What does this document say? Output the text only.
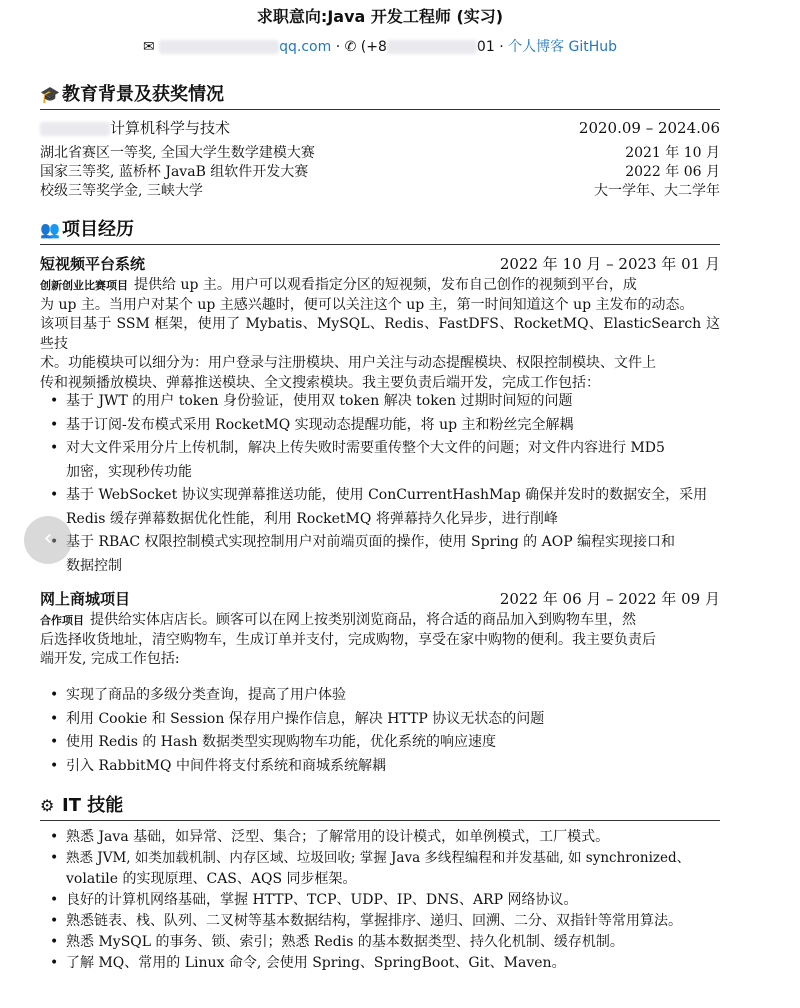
求职意向:Java 开发工程师 (实习)
✉	qq.com · ✆ (+8	01 · 个人博客 GitHub
🎓 教育背景及获奖情况
计算机科学与技术	2020.09 – 2024.06
湖北省赛区一等奖, 全国大学生数学建模大赛	2021 年 10 月
国家三等奖, 蓝桥杯 JavaB 组软件开发大赛	2022 年 06 月
校级三等奖学金, 三峡大学	大一学年、大二学年
👥 项目经历
短视频平台系统	2022 年 10 月 – 2023 年 01 月
创新创业比赛项目 提供给 up 主。用户可以观看指定分区的短视频，发布自己创作的视频到平台，成
为 up 主。当用户对某个 up 主感兴趣时，便可以关注这个 up 主，第一时间知道这个 up 主发布的动态。
该项目基于 SSM 框架，使用了 Mybatis、MySQL、Redis、FastDFS、RocketMQ、ElasticSearch 这些技
术。功能模块可以细分为：用户登录与注册模块、用户关注与动态提醒模块、权限控制模块、文件上
传和视频播放模块、弹幕推送模块、全文搜索模块。我主要负责后端开发，完成工作包括：
• 基于 JWT 的用户 token 身份验证，使用双 token 解决 token 过期时间短的问题
• 基于订阅-发布模式采用 RocketMQ 实现动态提醒功能，将 up 主和粉丝完全解耦
• 对大文件采用分片上传机制，解决上传失败时需要重传整个大文件的问题；对文件内容进行 MD5
加密，实现秒传功能
• 基于 WebSocket 协议实现弹幕推送功能，使用 ConCurrentHashMap 确保并发时的数据安全，采用
Redis 缓存弹幕数据优化性能，利用 RocketMQ 将弹幕持久化异步，进行削峰
• 基于 RBAC 权限控制模式实现控制用户对前端页面的操作，使用 Spring 的 AOP 编程实现接口和
数据控制
网上商城项目	2022 年 06 月 – 2022 年 09 月
合作项目 提供给实体店店长。顾客可以在网上按类别浏览商品，将合适的商品加入到购物车里，然
后选择收货地址，清空购物车，生成订单并支付，完成购物，享受在家中购物的便利。我主要负责后
端开发, 完成工作包括:
• 实现了商品的多级分类查询，提高了用户体验
• 利用 Cookie 和 Session 保存用户操作信息，解决 HTTP 协议无状态的问题
• 使用 Redis 的 Hash 数据类型实现购物车功能，优化系统的响应速度
• 引入 RabbitMQ 中间件将支付系统和商城系统解耦
⚙ IT 技能
• 熟悉 Java 基础，如异常、泛型、集合；了解常用的设计模式，如单例模式，工厂模式。
• 熟悉 JVM, 如类加载机制、内存区域、垃圾回收; 掌握 Java 多线程编程和并发基础, 如 synchronized、
volatile 的实现原理、CAS、AQS 同步框架。
• 良好的计算机网络基础，掌握 HTTP、TCP、UDP、IP、DNS、ARP 网络协议。
• 熟悉链表、栈、队列、二叉树等基本数据结构，掌握排序、递归、回溯、二分、双指针等常用算法。
• 熟悉 MySQL 的事务、锁、索引；熟悉 Redis 的基本数据类型、持久化机制、缓存机制。
• 了解 MQ、常用的 Linux 命令, 会使用 Spring、SpringBoot、Git、Maven。
‹
